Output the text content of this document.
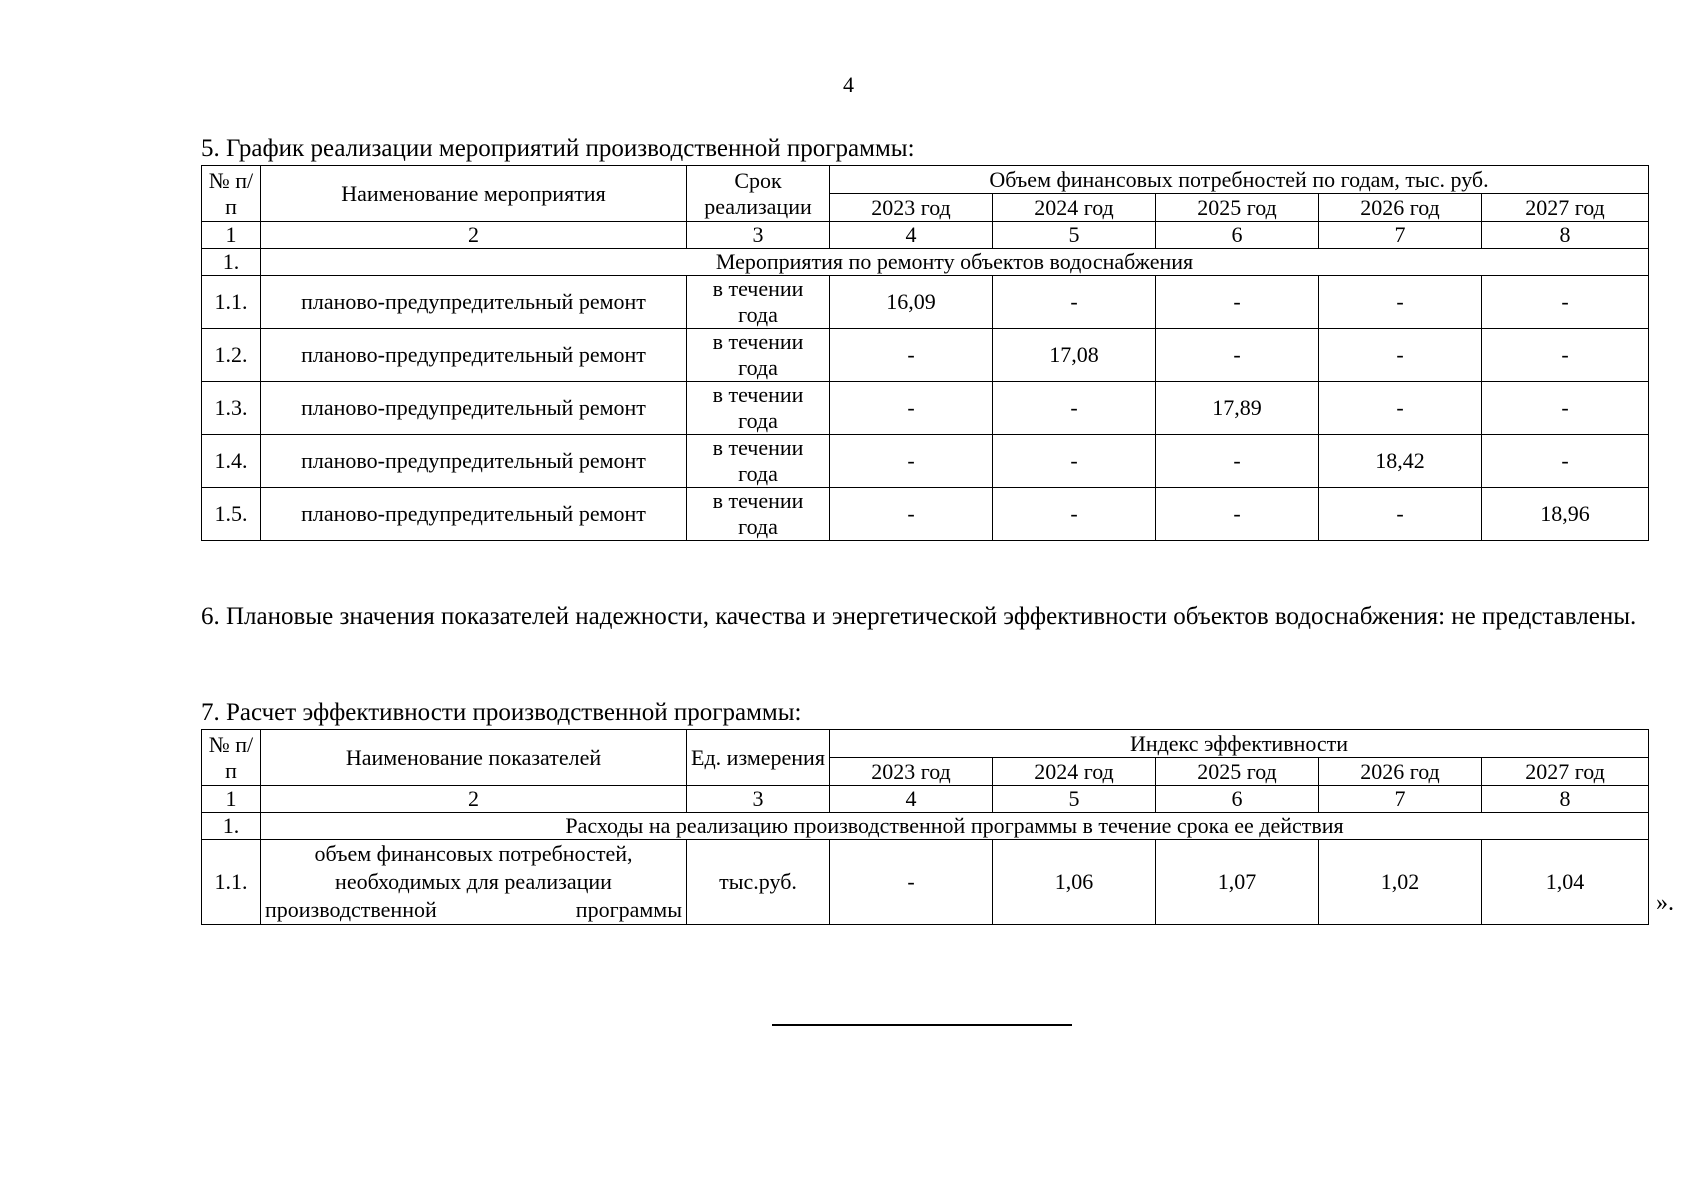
4
5. График реализации мероприятий производственной программы:
№ п/п	Наименование мероприятия	Срок реализации	Объем финансовых потребностей по годам, тыс. руб.				
			2023 год	2024 год	2025 год	2026 год	2027 год
1	2	3	4	5	6	7	8
1.	Мероприятия по ремонту объектов водоснабжения						
1.1.	планово-предупредительный ремонт	в течении года	16,09	-	-	-	-
1.2.	планово-предупредительный ремонт	в течении года	-	17,08	-	-	-
1.3.	планово-предупредительный ремонт	в течении года	-	-	17,89	-	-
1.4.	планово-предупредительный ремонт	в течении года	-	-	-	18,42	-
1.5.	планово-предупредительный ремонт	в течении года	-	-	-	-	18,96
6. Плановые значения показателей надежности, качества и энергетической эффективности объектов водоснабжения: не представлены.
7. Расчет эффективности производственной программы:
№ п/п	Наименование показателей	Ед. измерения	Индекс эффективности				
			2023 год	2024 год	2025 год	2026 год	2027 год
1	2	3	4	5	6	7	8
1.	Расходы на реализацию производственной программы в течение срока ее действия						
1.1.	объем финансовых потребностей, необходимых для реализации производственной программы	тыс.руб.	-	1,06	1,07	1,02	1,04
».
